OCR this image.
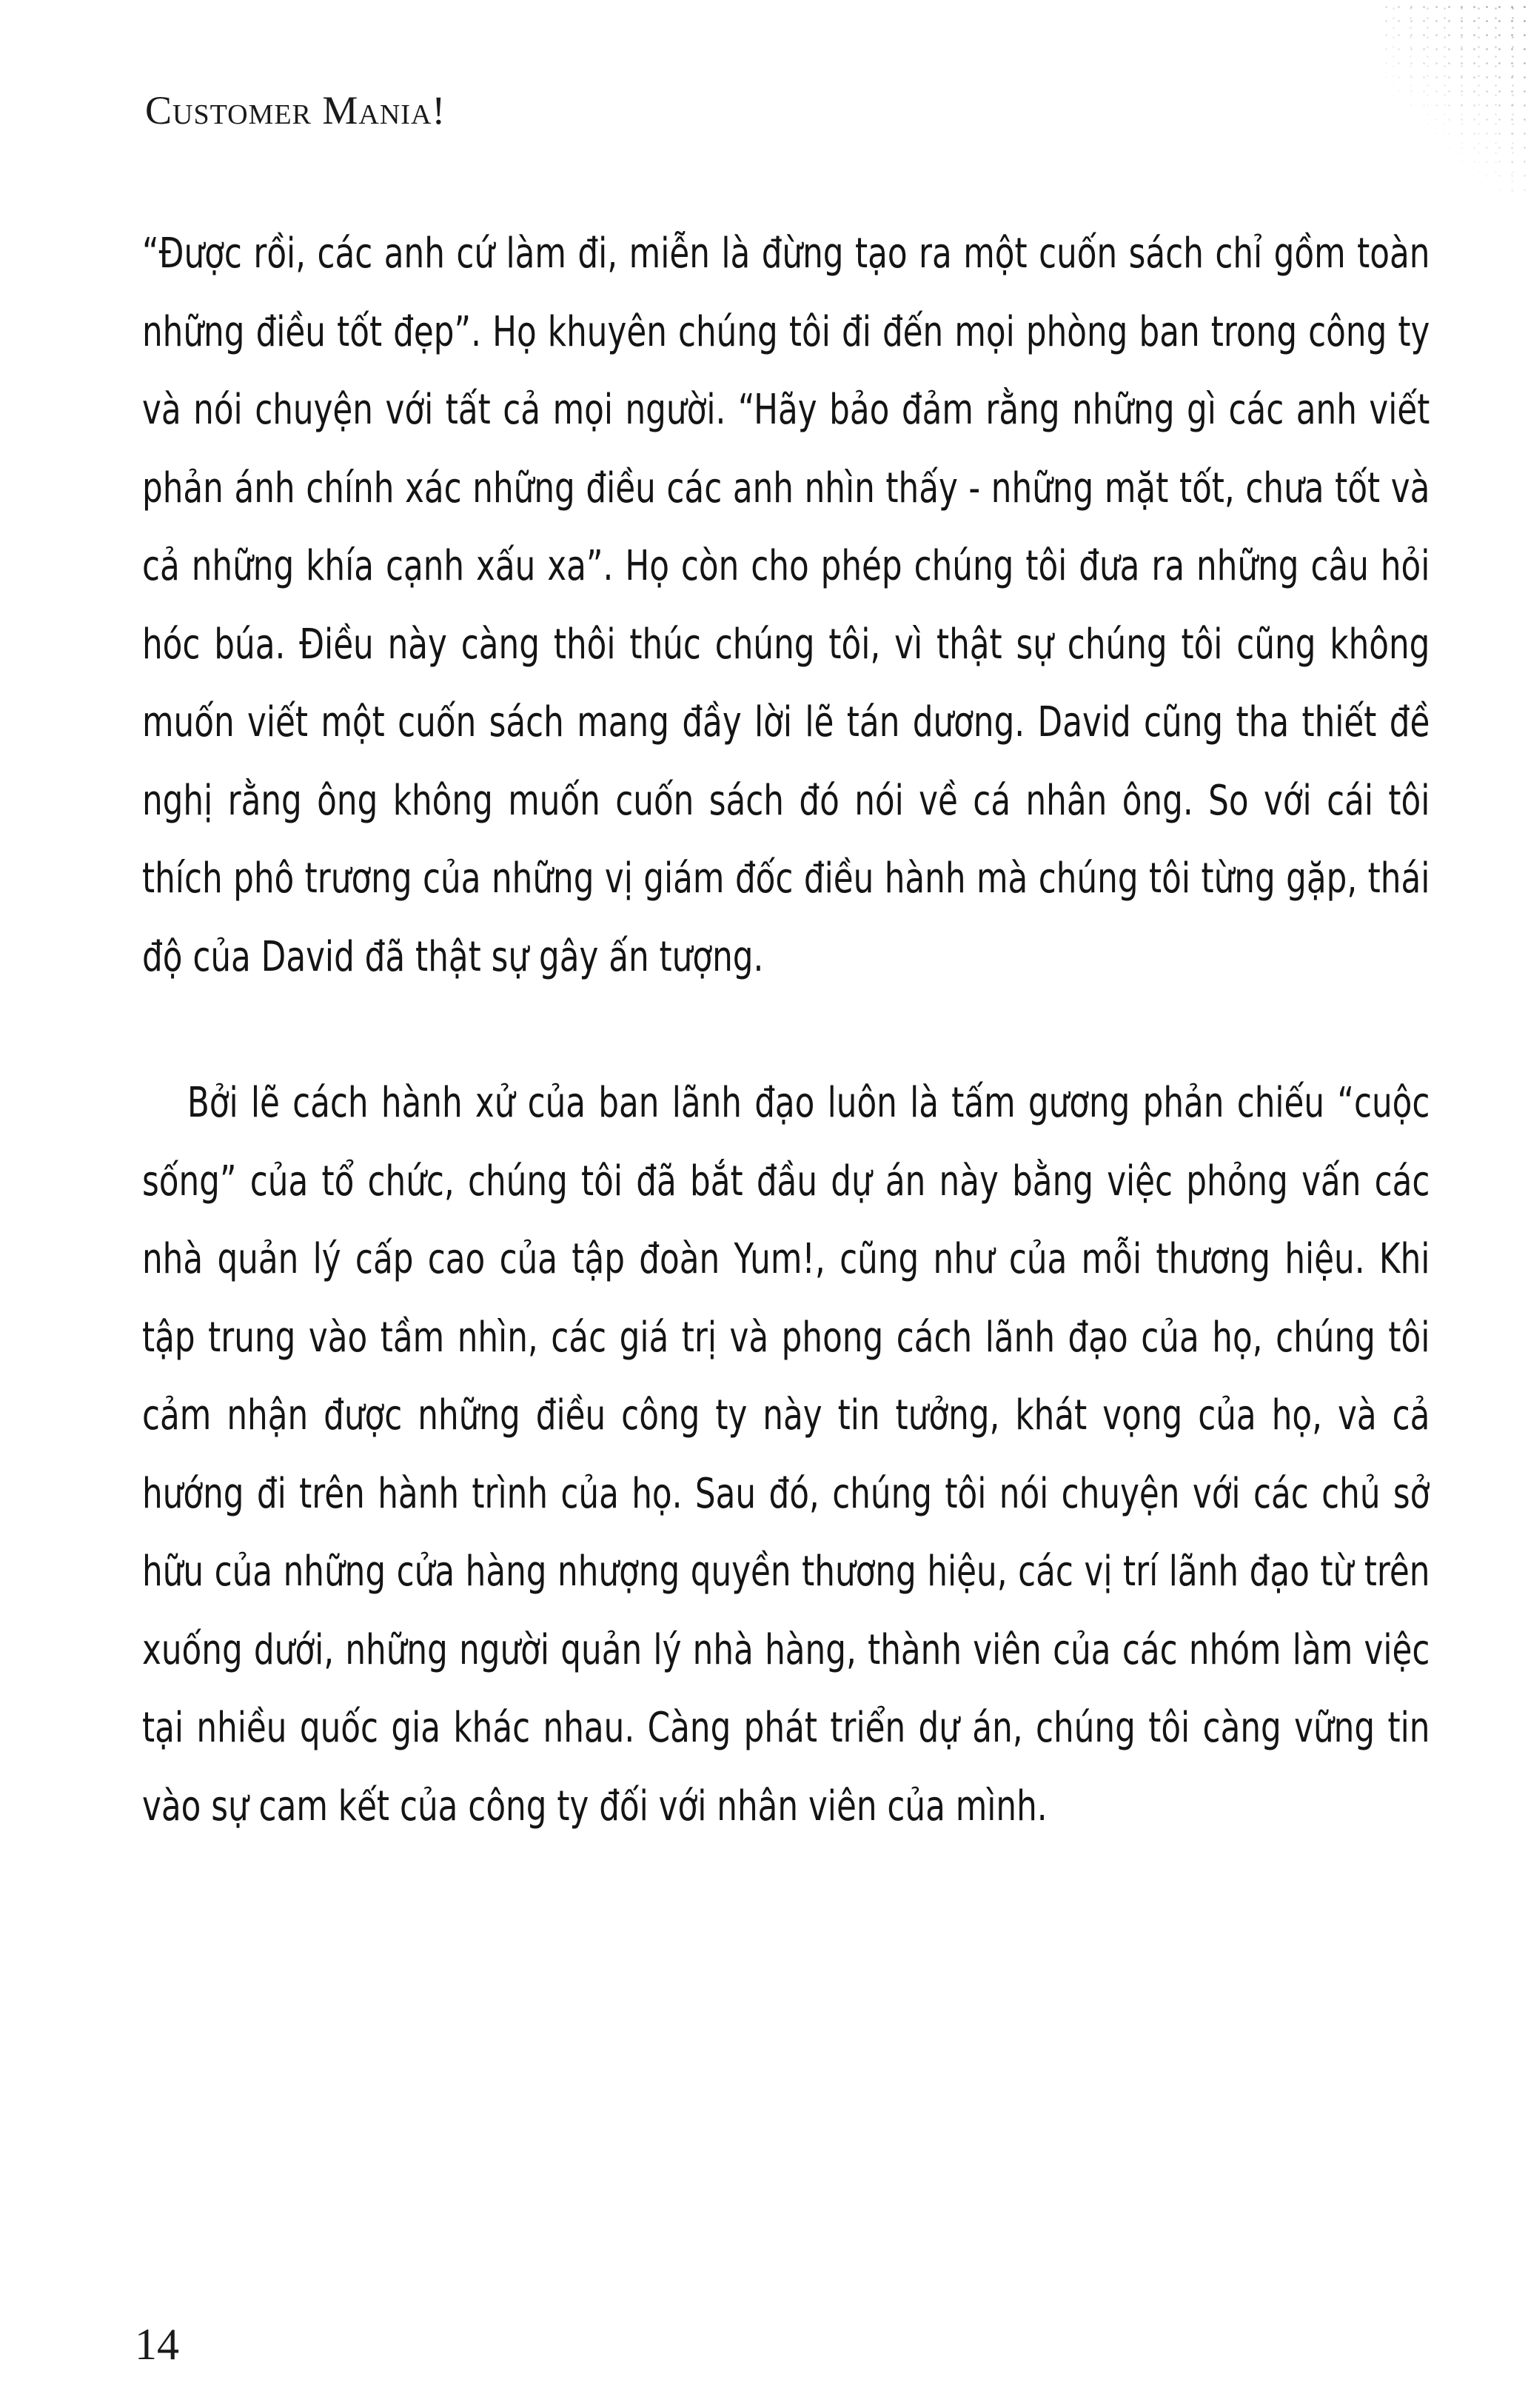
Customer Mania!

“Được rồi, các anh cứ làm đi, miễn là đừng tạo ra một cuốn sách chỉ gồm toàn những điều tốt đẹp”. Họ khuyên chúng tôi đi đến mọi phòng ban trong công ty và nói chuyện với tất cả mọi người. “Hãy bảo đảm rằng những gì các anh viết phản ánh chính xác những điều các anh nhìn thấy - những mặt tốt, chưa tốt và cả những khía cạnh xấu xa”. Họ còn cho phép chúng tôi đưa ra những câu hỏi hóc búa. Điều này càng thôi thúc chúng tôi, vì thật sự chúng tôi cũng không muốn viết một cuốn sách mang đầy lời lẽ tán dương. David cũng tha thiết đề nghị rằng ông không muốn cuốn sách đó nói về cá nhân ông. So với cái tôi thích phô trương của những vị giám đốc điều hành mà chúng tôi từng gặp, thái độ của David đã thật sự gây ấn tượng.

Bởi lẽ cách hành xử của ban lãnh đạo luôn là tấm gương phản chiếu “cuộc sống” của tổ chức, chúng tôi đã bắt đầu dự án này bằng việc phỏng vấn các nhà quản lý cấp cao của tập đoàn Yum!, cũng như của mỗi thương hiệu. Khi tập trung vào tầm nhìn, các giá trị và phong cách lãnh đạo của họ, chúng tôi cảm nhận được những điều công ty này tin tưởng, khát vọng của họ, và cả hướng đi trên hành trình của họ. Sau đó, chúng tôi nói chuyện với các chủ sở hữu của những cửa hàng nhượng quyền thương hiệu, các vị trí lãnh đạo từ trên xuống dưới, những người quản lý nhà hàng, thành viên của các nhóm làm việc tại nhiều quốc gia khác nhau. Càng phát triển dự án, chúng tôi càng vững tin vào sự cam kết của công ty đối với nhân viên của mình.

14
